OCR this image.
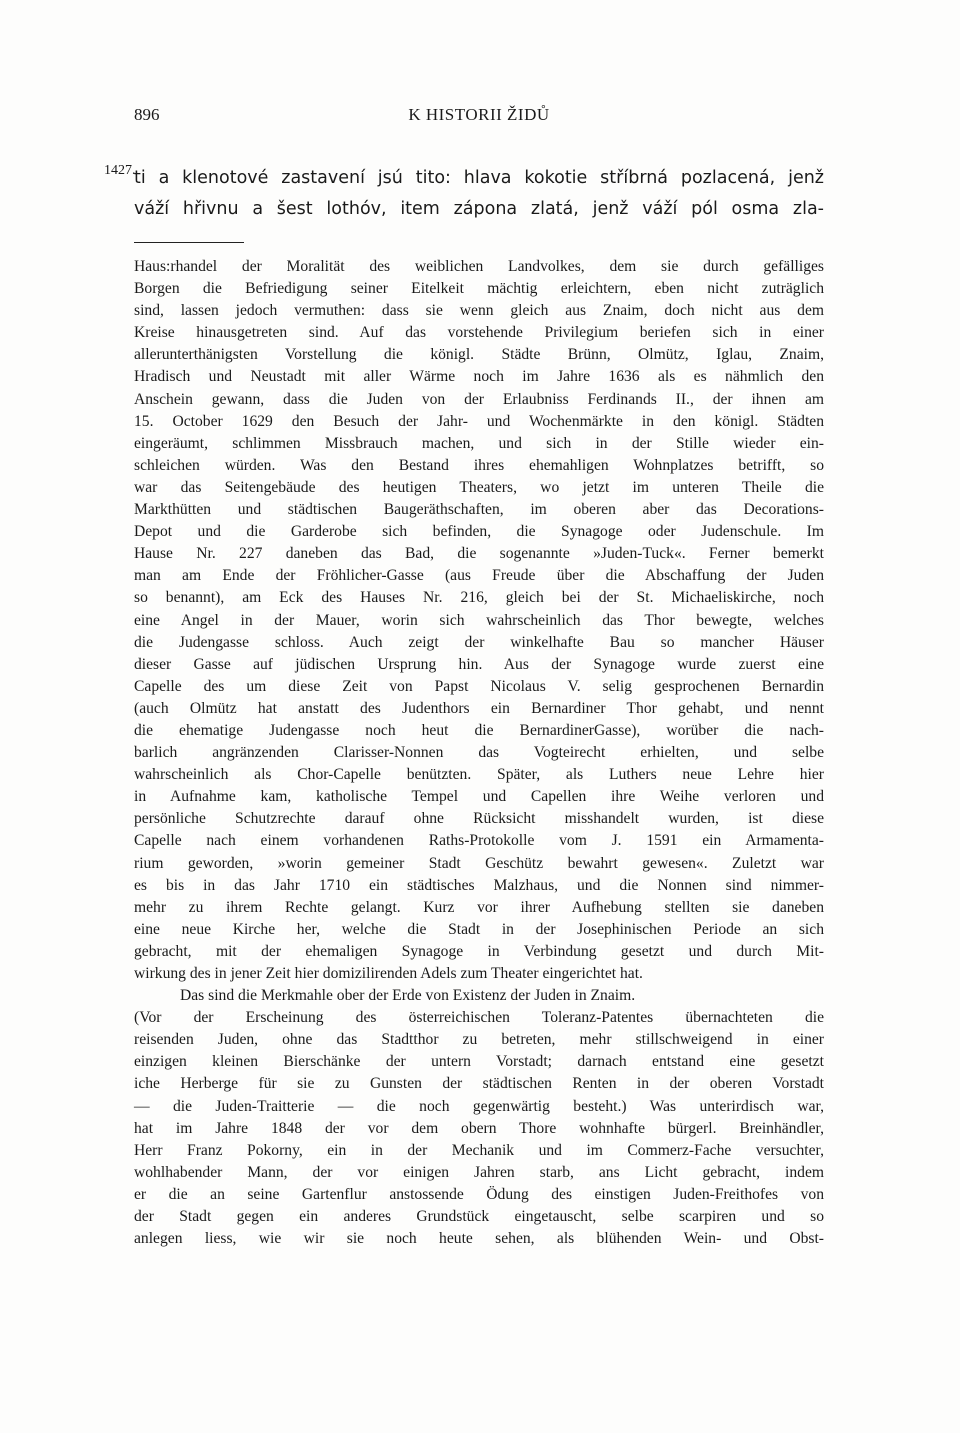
896	K HISTORII ŽIDŮ
1427.
ti a klenotové zastavení jsú tito: hlava kokotie stříbrná pozlacená, jenž
váží hřivnu a šest lothóv, item zápona zlatá, jenž váží pól osma zla-
Haus:rhandel der Moralität des weiblichen Landvolkes, dem sie durch gefälliges
Borgen die Befriedigung seiner Eitelkeit mächtig erleichtern, eben nicht zuträglich
sind, lassen jedoch vermuthen: dass sie wenn gleich aus Znaim, doch nicht aus dem
Kreise hinausgetreten sind. Auf das vorstehende Privilegium beriefen sich in einer
allerunterthänigsten Vorstellung die königl. Städte Brünn, Olmütz, Iglau, Znaim,
Hradisch und Neustadt mit aller Wärme noch im Jahre 1636 als es nähmlich den
Anschein gewann, dass die Juden von der Erlaubniss Ferdinands II., der ihnen am
15. October 1629 den Besuch der Jahr- und Wochenmärkte in den königl. Städten
eingeräumt, schlimmen Missbrauch machen, und sich in der Stille wieder ein-
schleichen würden. Was den Bestand ihres ehemahligen Wohnplatzes betrifft, so
war das Seitengebäude des heutigen Theaters, wo jetzt im unteren Theile die
Markthütten und städtischen Baugeräthschaften, im oberen aber das Decorations-
Depot und die Garderobe sich befinden, die Synagoge oder Judenschule. Im
Hause Nr. 227 daneben das Bad, die sogenannte »Juden-Tuck«. Ferner bemerkt
man am Ende der Fröhlicher-Gasse (aus Freude über die Abschaffung der Juden
so benannt), am Eck des Hauses Nr. 216, gleich bei der St. Michaeliskirche, noch
eine Angel in der Mauer, worin sich wahrscheinlich das Thor bewegte, welches
die Judengasse schloss. Auch zeigt der winkelhafte Bau so mancher Häuser
dieser Gasse auf jüdischen Ursprung hin. Aus der Synagoge wurde zuerst eine
Capelle des um diese Zeit von Papst Nicolaus V. selig gesprochenen Bernardin
(auch Olmütz hat anstatt des Judenthors ein Bernardiner Thor gehabt, und nennt
die ehematige Judengasse noch heut die BernardinerGasse), worüber die nach-
barlich angränzenden Clarisser-Nonnen das Vogteirecht erhielten, und selbe
wahrscheinlich als Chor-Capelle benützten. Später, als Luthers neue Lehre hier
in Aufnahme kam, katholische Tempel und Capellen ihre Weihe verloren und
persönliche Schutzrechte darauf ohne Rücksicht misshandelt wurden, ist diese
Capelle nach einem vorhandenen Raths-Protokolle vom J. 1591 ein Armamenta-
rium geworden, »worin gemeiner Stadt Geschütz bewahrt gewesen«. Zuletzt war
es bis in das Jahr 1710 ein städtisches Malzhaus, und die Nonnen sind nimmer-
mehr zu ihrem Rechte gelangt. Kurz vor ihrer Aufhebung stellten sie daneben
eine neue Kirche her, welche die Stadt in der Josephinischen Periode an sich
gebracht, mit der ehemaligen Synagoge in Verbindung gesetzt und durch Mit-
wirkung des in jener Zeit hier domizilirenden Adels zum Theater eingerichtet hat.
Das sind die Merkmahle ober der Erde von Existenz der Juden in Znaim.
(Vor der Erscheinung des österreichischen Toleranz-Patentes übernachteten die
reisenden Juden, ohne das Stadtthor zu betreten, mehr stillschweigend in einer
einzigen kleinen Bierschänke der untern Vorstadt; darnach entstand eine gesetzt
iche Herberge für sie zu Gunsten der städtischen Renten in der oberen Vorstadt
— die Juden-Traitterie — die noch gegenwärtig besteht.) Was unterirdisch war,
hat im Jahre 1848 der vor dem obern Thore wohnhafte bürgerl. Breinhändler,
Herr Franz Pokorny, ein in der Mechanik und im Commerz-Fache versuchter,
wohlhabender Mann, der vor einigen Jahren starb, ans Licht gebracht, indem
er die an seine Gartenflur anstossende Ödung des einstigen Juden-Freithofes von
der Stadt gegen ein anderes Grundstück eingetauscht, selbe scarpiren und so
anlegen liess, wie wir sie noch heute sehen, als blühenden Wein- und Obst-
